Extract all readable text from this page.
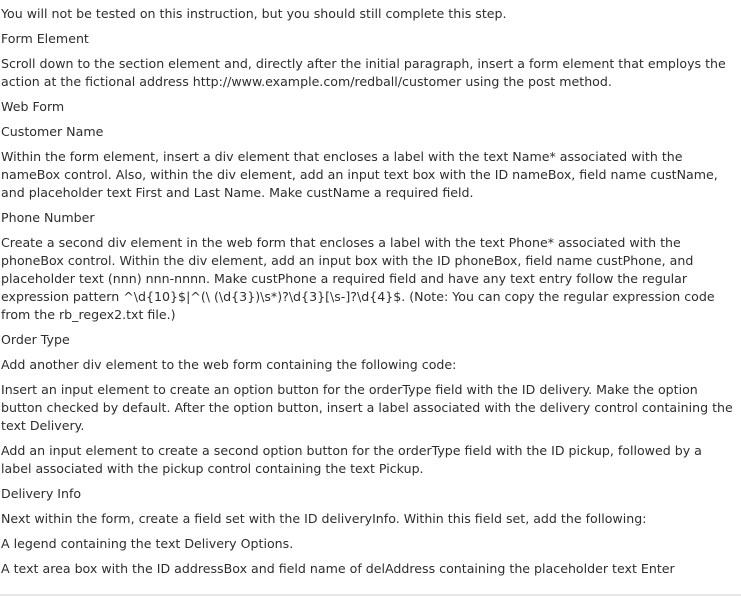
You will not be tested on this instruction, but you should still complete this step.

Form Element

Scroll down to the section element and, directly after the initial paragraph, insert a form element that employs the action at the fictional address http://www.example.com/redball/customer using the post method.

Web Form

Customer Name

Within the form element, insert a div element that encloses a label with the text Name* associated with the nameBox control. Also, within the div element, add an input text box with the ID nameBox, field name custName, and placeholder text First and Last Name. Make custName a required field.

Phone Number

Create a second div element in the web form that encloses a label with the text Phone* associated with the phoneBox control. Within the div element, add an input box with the ID phoneBox, field name custPhone, and placeholder text (nnn) nnn-nnnn. Make custPhone a required field and have any text entry follow the regular expression pattern ^\d{10}$|^(\ (\d{3})\s*)?\d{3}[\s-]?\d{4}$. (Note: You can copy the regular expression code from the rb_regex2.txt file.)

Order Type

Add another div element to the web form containing the following code:

Insert an input element to create an option button for the orderType field with the ID delivery. Make the option button checked by default. After the option button, insert a label associated with the delivery control containing the text Delivery.

Add an input element to create a second option button for the orderType field with the ID pickup, followed by a label associated with the pickup control containing the text Pickup.

Delivery Info

Next within the form, create a field set with the ID deliveryInfo. Within this field set, add the following:

A legend containing the text Delivery Options.

A text area box with the ID addressBox and field name of delAddress containing the placeholder text Enter
